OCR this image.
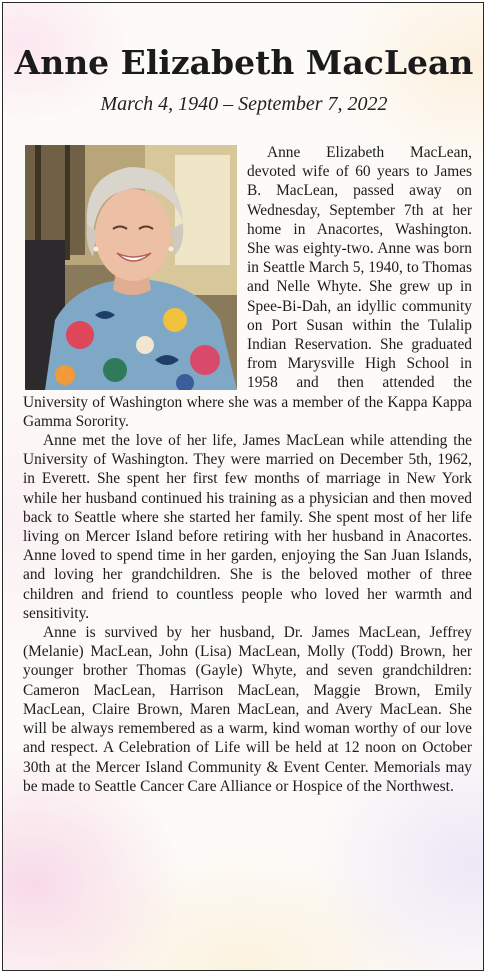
Anne Elizabeth MacLean
March 4, 1940 – September 7, 2022

Anne Elizabeth MacLean, devoted wife of 60 years to James B. MacLean, passed away on Wednesday, September 7th at her home in Anacortes, Washington. She was eighty-two. Anne was born in Seattle March 5, 1940, to Thomas and Nelle Whyte. She grew up in Spee-Bi-Dah, an idyllic community on Port Susan within the Tulalip Indian Reservation. She graduated from Marysville High School in 1958 and then attended the University of Washington where she was a member of the Kappa Kappa Gamma Sorority.

Anne met the love of her life, James MacLean while attending the University of Washington. They were married on December 5th, 1962, in Everett. She spent her first few months of marriage in New York while her husband continued his training as a physician and then moved back to Seattle where she started her family. She spent most of her life living on Mercer Island before retiring with her husband in Anacortes. Anne loved to spend time in her garden, enjoying the San Juan Islands, and loving her grandchildren. She is the beloved mother of three children and friend to countless people who loved her warmth and sensitivity.

Anne is survived by her husband, Dr. James MacLean, Jeffrey (Melanie) MacLean, John (Lisa) MacLean, Molly (Todd) Brown, her younger brother Thomas (Gayle) Whyte, and seven grandchildren: Cameron MacLean, Harrison MacLean, Maggie Brown, Emily MacLean, Claire Brown, Maren MacLean, and Avery MacLean. She will be always remembered as a warm, kind woman worthy of our love and respect. A Celebration of Life will be held at 12 noon on October 30th at the Mercer Island Community & Event Center. Memorials may be made to Seattle Cancer Care Alliance or Hospice of the Northwest.
